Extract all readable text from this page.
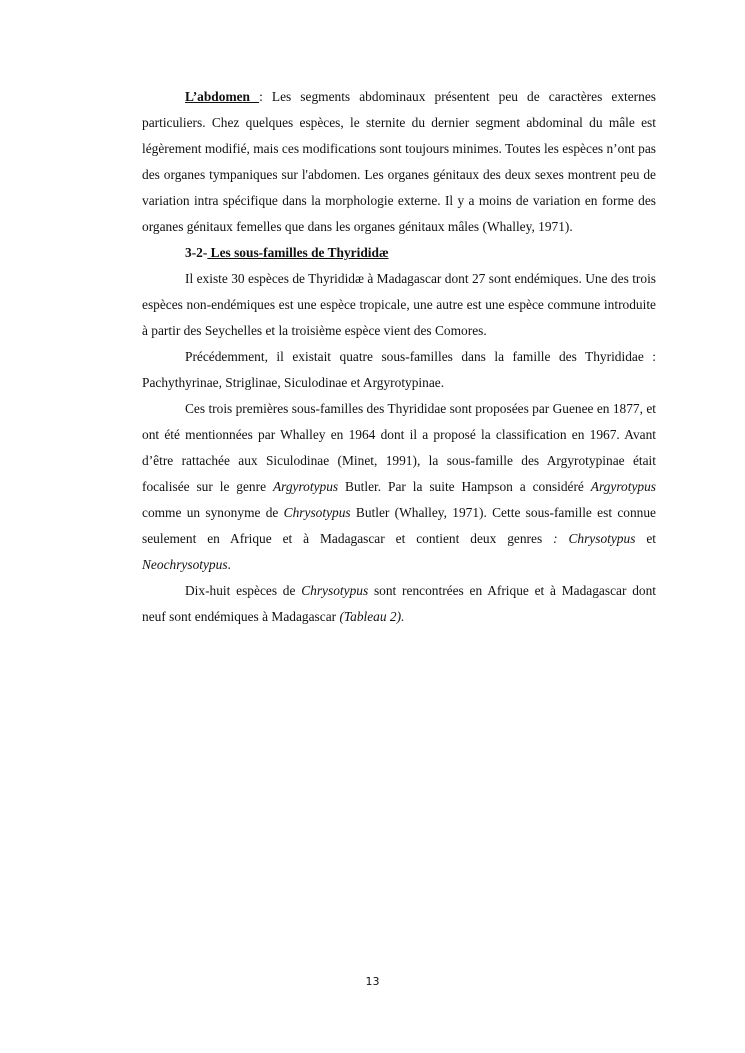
L’abdomen : Les segments abdominaux présentent peu de caractères externes particuliers. Chez quelques espèces, le sternite du dernier segment abdominal du mâle est légèrement modifié, mais ces modifications sont toujours minimes. Toutes les espèces n’ont pas des organes tympaniques sur l'abdomen. Les organes génitaux des deux sexes montrent peu de variation intra spécifique dans la morphologie externe. Il y a moins de variation en forme des organes génitaux femelles que dans les organes génitaux mâles (Whalley, 1971).

3-2- Les sous-familles de Thyrididæ

Il existe 30 espèces de Thyrididæ à Madagascar dont 27 sont endémiques. Une des trois espèces non-endémiques est une espèce tropicale, une autre est une espèce commune introduite à partir des Seychelles et la troisième espèce vient des Comores.

Précédemment, il existait quatre sous-familles dans la famille des Thyrididae : Pachythyrinae, Striglinae, Siculodinae et Argyrotypinae.

Ces trois premières sous-familles des Thyrididae sont proposées par Guenee en 1877, et ont été mentionnées par Whalley en 1964 dont il a proposé la classification en 1967. Avant d’être rattachée aux Siculodinae (Minet, 1991), la sous-famille des Argyrotypinae était focalisée sur le genre Argyrotypus Butler. Par la suite Hampson a considéré Argyrotypus comme un synonyme de Chrysotypus Butler (Whalley, 1971). Cette sous-famille est connue seulement en Afrique et à Madagascar et contient deux genres : Chrysotypus et Neochrysotypus.

Dix-huit espèces de Chrysotypus sont rencontrées en Afrique et à Madagascar dont neuf sont endémiques à Madagascar (Tableau 2).

13
